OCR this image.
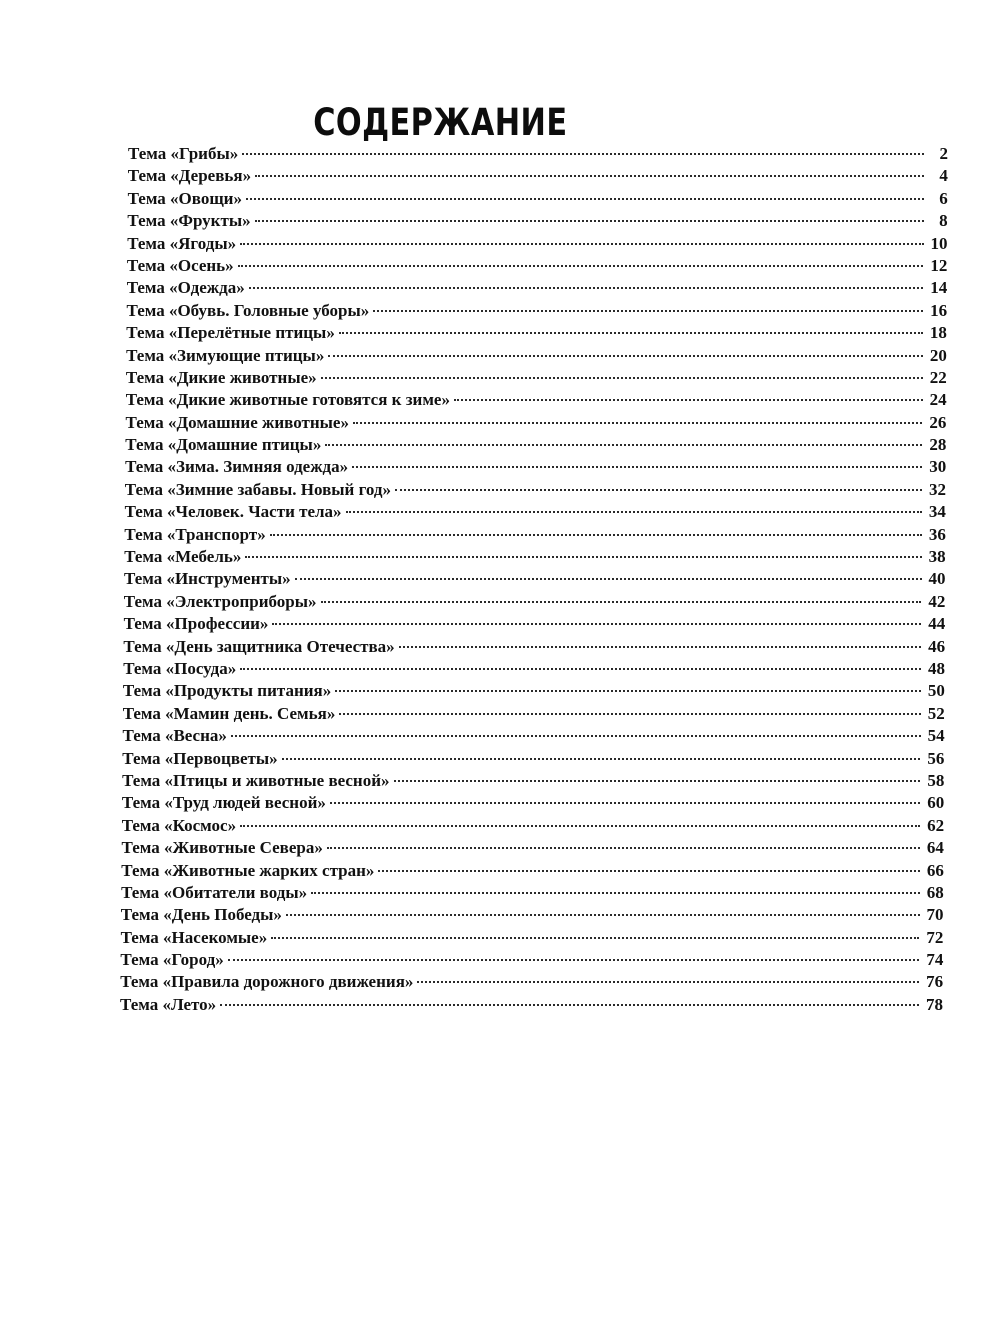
СОДЕРЖАНИЕ
Тема «Грибы»	2
Тема «Деревья»	4
Тема «Овощи»	6
Тема «Фрукты»	8
Тема «Ягоды»	10
Тема «Осень»	12
Тема «Одежда»	14
Тема «Обувь. Головные уборы»	16
Тема «Перелётные птицы»	18
Тема «Зимующие птицы»	20
Тема «Дикие животные»	22
Тема «Дикие животные готовятся к зиме»	24
Тема «Домашние животные»	26
Тема «Домашние птицы»	28
Тема «Зима. Зимняя одежда»	30
Тема «Зимние забавы. Новый год»	32
Тема «Человек. Части тела»	34
Тема «Транспорт»	36
Тема «Мебель»	38
Тема «Инструменты»	40
Тема «Электроприборы»	42
Тема «Профессии»	44
Тема «День защитника Отечества»	46
Тема «Посуда»	48
Тема «Продукты питания»	50
Тема «Мамин день. Семья»	52
Тема «Весна»	54
Тема «Первоцветы»	56
Тема «Птицы и животные весной»	58
Тема «Труд людей весной»	60
Тема «Космос»	62
Тема «Животные Севера»	64
Тема «Животные жарких стран»	66
Тема «Обитатели воды»	68
Тема «День Победы»	70
Тема «Насекомые»	72
Тема «Город»	74
Тема «Правила дорожного движения»	76
Тема «Лето»	78
